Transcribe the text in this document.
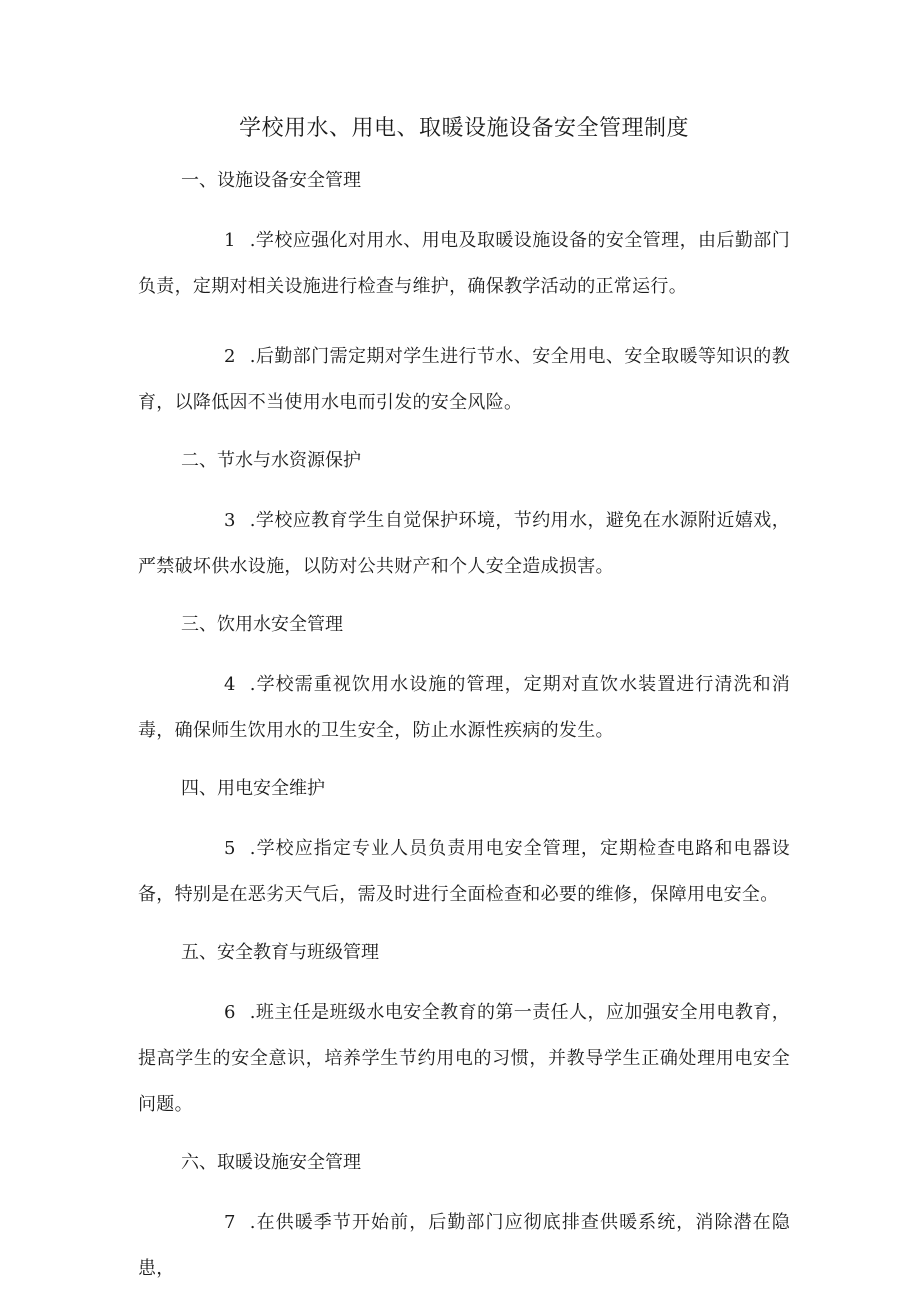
学校用水、用电、取暖设施设备安全管理制度

一、设施设备安全管理

1 .学校应强化对用水、用电及取暖设施设备的安全管理，由后勤部门负责，定期对相关设施进行检查与维护，确保教学活动的正常运行。

2 .后勤部门需定期对学生进行节水、安全用电、安全取暖等知识的教育，以降低因不当使用水电而引发的安全风险。

二、节水与水资源保护

3 .学校应教育学生自觉保护环境，节约用水，避免在水源附近嬉戏，严禁破坏供水设施，以防对公共财产和个人安全造成损害。

三、饮用水安全管理

4 .学校需重视饮用水设施的管理，定期对直饮水装置进行清洗和消毒，确保师生饮用水的卫生安全，防止水源性疾病的发生。

四、用电安全维护

5 .学校应指定专业人员负责用电安全管理，定期检查电路和电器设备，特别是在恶劣天气后，需及时进行全面检查和必要的维修，保障用电安全。

五、安全教育与班级管理

6 .班主任是班级水电安全教育的第一责任人，应加强安全用电教育，提高学生的安全意识，培养学生节约用电的习惯，并教导学生正确处理用电安全问题。

六、取暖设施安全管理

7 .在供暖季节开始前，后勤部门应彻底排查供暖系统，消除潜在隐患，
